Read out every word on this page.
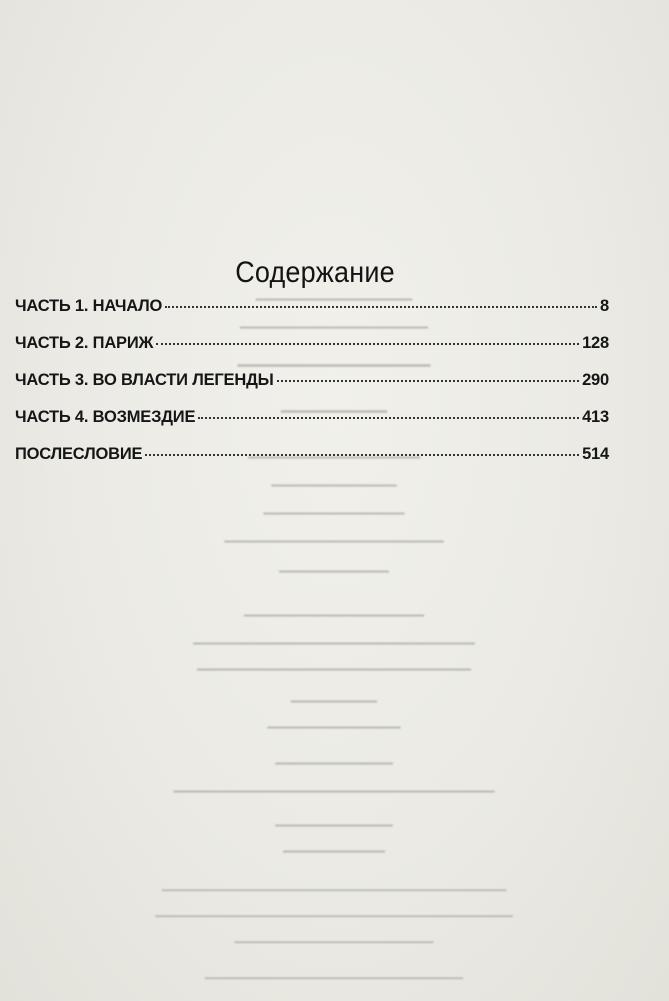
━━━━━━━━━━━━━━━━━━━━
━━━━━━━━━━━━━━━━━━━━━━━━
━━━━━━━━━━━━━━━━━━━━
━━━━━━━━━━━
━━━━━━━━━━━━━━━━━━━━━━
━━━━━━━━━━━━━━━━
━━━━━━━━━━━━━━━━━━
━━━━━━━━━━━━━━━━━━━━━━━━━━━━
━━━━━━━━━━━━━━
━━━━━━━━━━━━━━━━━━━━━━━
━━━━━━━━━━━━━━━━━━━━━━━━━━━━━━━━━━━━
━━━━━━━━━━━━━━━━━━━━━━━━━━━━━━━━━━━
━━━━━━━━━━━
━━━━━━━━━━━━━━━━━
━━━━━━━━━━━━━━━
━━━━━━━━━━━━━━━━━━━━━━━━━━━━━━━━━━━━━━━━━
━━━━━━━━━━━━━━━
━━━━━━━━━━━━━
━━━━━━━━━━━━━━━━━━━━━━━━━━━━━━━━━━━━━━━━━━━━━━━━━━━━
━━━━━━━━━━━━━━━━━━━━━━━━━━━━━━━━━━━━━━━━━━━━━━━━━━━━━━
━━━━━━━━━━━━━━━━━━━━━━━━━━━━━━
━━━━━━━━━━━━━━━━━━━━━━━━━━━━━━━━━━━━━━━
Содержание
ЧАСТЬ 1. НАЧАЛО	8
ЧАСТЬ 2. ПАРИЖ	128
ЧАСТЬ 3. ВО ВЛАСТИ ЛЕГЕНДЫ	290
ЧАСТЬ 4. ВОЗМЕЗДИЕ	413
ПОСЛЕСЛОВИЕ	514
